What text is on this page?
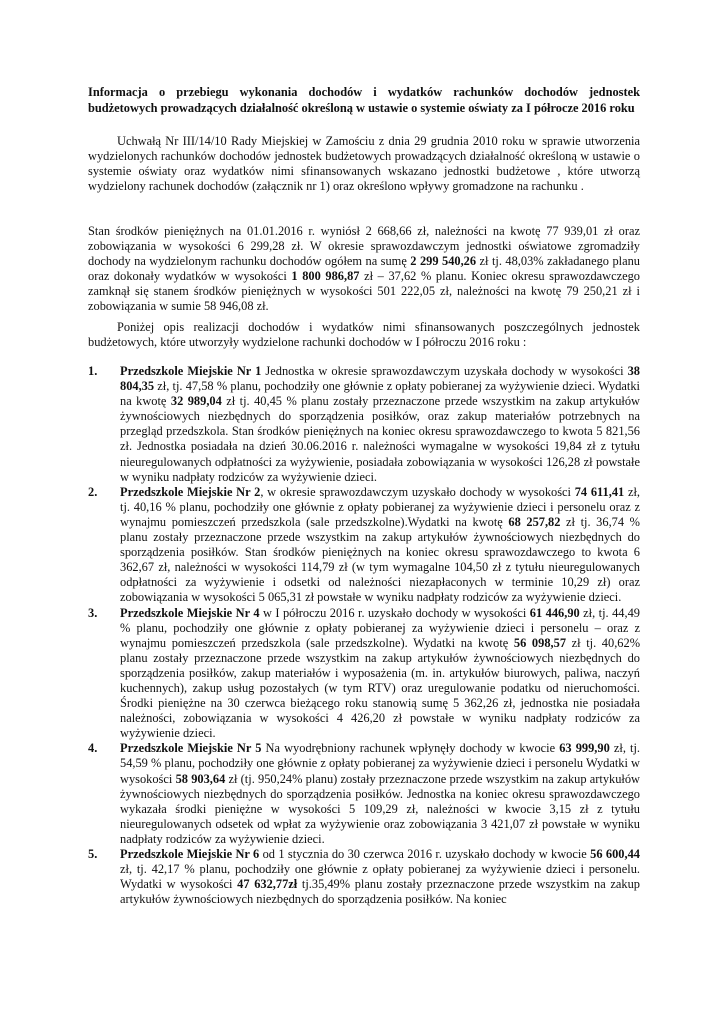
Informacja o przebiegu wykonania dochodów i wydatków rachunków dochodów jednostek budżetowych prowadzących działalność określoną w ustawie o systemie oświaty za I półrocze 2016 roku
Uchwałą Nr III/14/10 Rady Miejskiej w Zamościu z dnia 29 grudnia 2010 roku w sprawie utworzenia wydzielonych rachunków dochodów jednostek budżetowych prowadzących działalność określoną w ustawie o systemie oświaty oraz wydatków nimi sfinansowanych wskazano jednostki budżetowe , które utworzą wydzielony rachunek dochodów (załącznik nr 1) oraz określono wpływy gromadzone na rachunku .
Stan środków pieniężnych na 01.01.2016 r. wyniósł 2 668,66 zł, należności na kwotę 77 939,01 zł oraz zobowiązania w wysokości 6 299,28 zł. W okresie sprawozdawczym jednostki oświatowe zgromadziły dochody na wydzielonym rachunku dochodów ogółem na sumę 2 299 540,26 zł tj. 48,03% zakładanego planu oraz dokonały wydatków w wysokości 1 800 986,87 zł – 37,62 % planu. Koniec okresu sprawozdawczego zamknął się stanem środków pieniężnych w wysokości 501 222,05 zł, należności na kwotę 79 250,21 zł i zobowiązania w sumie 58 946,08 zł.
Poniżej opis realizacji dochodów i wydatków nimi sfinansowanych poszczególnych jednostek budżetowych, które utworzyły wydzielone rachunki dochodów w I półroczu 2016 roku :
1. Przedszkole Miejskie Nr 1 Jednostka w okresie sprawozdawczym uzyskała dochody w wysokości 38 804,35 zł, tj. 47,58 % planu, pochodziły one głównie z opłaty pobieranej za wyżywienie dzieci. Wydatki na kwotę 32 989,04 zł tj. 40,45 % planu zostały przeznaczone przede wszystkim na zakup artykułów żywnościowych niezbędnych do sporządzenia posiłków, oraz zakup materiałów potrzebnych na przegląd przedszkola. Stan środków pieniężnych na koniec okresu sprawozdawczego to kwota 5 821,56 zł. Jednostka posiadała na dzień 30.06.2016 r. należności wymagalne w wysokości 19,84 zł z tytułu nieuregulowanych odpłatności za wyżywienie, posiadała zobowiązania w wysokości 126,28 zł powstałe w wyniku nadpłaty rodziców za wyżywienie dzieci.
2. Przedszkole Miejskie Nr 2, w okresie sprawozdawczym uzyskało dochody w wysokości 74 611,41 zł, tj. 40,16 % planu, pochodziły one głównie z opłaty pobieranej za wyżywienie dzieci i personelu oraz z wynajmu pomieszczeń przedszkola (sale przedszkolne).Wydatki na kwotę 68 257,82 zł tj. 36,74 % planu zostały przeznaczone przede wszystkim na zakup artykułów żywnościowych niezbędnych do sporządzenia posiłków. Stan środków pieniężnych na koniec okresu sprawozdawczego to kwota 6 362,67 zł, należności w wysokości 114,79 zł (w tym wymagalne 104,50 zł z tytułu nieuregulowanych odpłatności za wyżywienie i odsetki od należności niezapłaconych w terminie 10,29 zł) oraz zobowiązania w wysokości 5 065,31 zł powstałe w wyniku nadpłaty rodziców za wyżywienie dzieci.
3. Przedszkole Miejskie Nr 4 w I półroczu 2016 r. uzyskało dochody w wysokości 61 446,90 zł, tj. 44,49 % planu, pochodziły one głównie z opłaty pobieranej za wyżywienie dzieci i personelu – oraz z wynajmu pomieszczeń przedszkola (sale przedszkolne). Wydatki na kwotę 56 098,57 zł tj. 40,62% planu zostały przeznaczone przede wszystkim na zakup artykułów żywnościowych niezbędnych do sporządzenia posiłków, zakup materiałów i wyposażenia (m. in. artykułów biurowych, paliwa, naczyń kuchennych), zakup usług pozostałych (w tym RTV) oraz uregulowanie podatku od nieruchomości. Środki pieniężne na 30 czerwca bieżącego roku stanowią sumę 5 362,26 zł, jednostka nie posiadała należności, zobowiązania w wysokości 4 426,20 zł powstałe w wyniku nadpłaty rodziców za wyżywienie dzieci.
4. Przedszkole Miejskie Nr 5 Na wyodrębniony rachunek wpłynęły dochody w kwocie 63 999,90 zł, tj. 54,59 % planu, pochodziły one głównie z opłaty pobieranej za wyżywienie dzieci i personelu Wydatki w wysokości 58 903,64 zł (tj. 950,24% planu) zostały przeznaczone przede wszystkim na zakup artykułów żywnościowych niezbędnych do sporządzenia posiłków. Jednostka na koniec okresu sprawozdawczego wykazała środki pieniężne w wysokości 5 109,29 zł, należności w kwocie 3,15 zł z tytułu nieuregulowanych odsetek od wpłat za wyżywienie oraz zobowiązania 3 421,07 zł powstałe w wyniku nadpłaty rodziców za wyżywienie dzieci.
5. Przedszkole Miejskie Nr 6 od 1 stycznia do 30 czerwca 2016 r. uzyskało dochody w kwocie 56 600,44 zł, tj. 42,17 % planu, pochodziły one głównie z opłaty pobieranej za wyżywienie dzieci i personelu. Wydatki w wysokości 47 632,77zł tj.35,49% planu zostały przeznaczone przede wszystkim na zakup artykułów żywnościowych niezbędnych do sporządzenia posiłków. Na koniec
